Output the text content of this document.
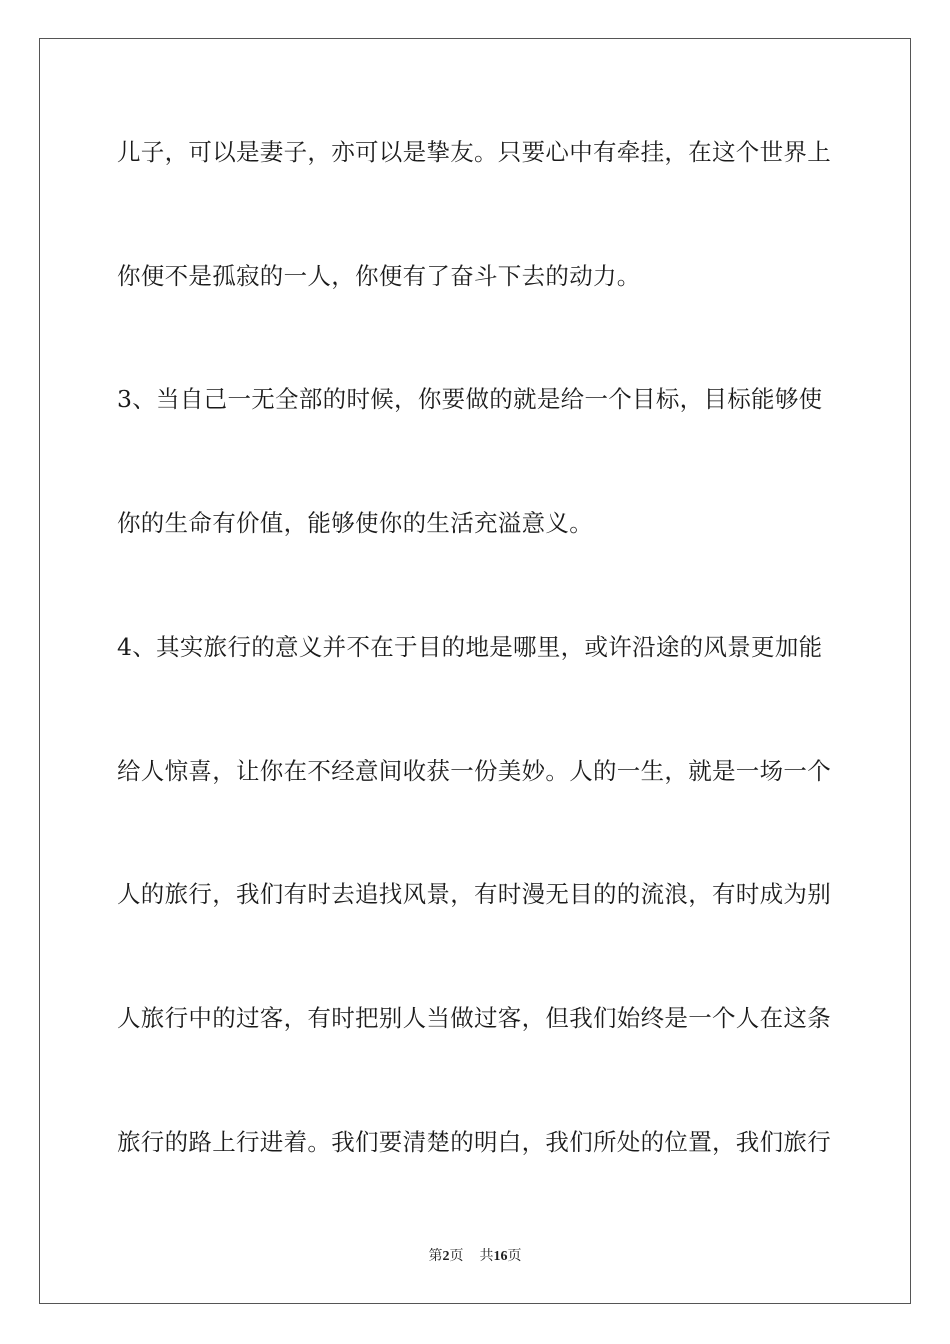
儿子，可以是妻子，亦可以是挚友。只要心中有牵挂，在这个世界上
你便不是孤寂的一人，你便有了奋斗下去的动力。
3、当自己一无全部的时候，你要做的就是给一个目标，目标能够使
你的生命有价值，能够使你的生活充溢意义。
4、其实旅行的意义并不在于目的地是哪里，或许沿途的风景更加能
给人惊喜，让你在不经意间收获一份美妙。人的一生，就是一场一个
人的旅行，我们有时去追找风景，有时漫无目的的流浪，有时成为别
人旅行中的过客，有时把别人当做过客，但我们始终是一个人在这条
旅行的路上行进着。我们要清楚的明白，我们所处的位置，我们旅行
第2页 共16页
